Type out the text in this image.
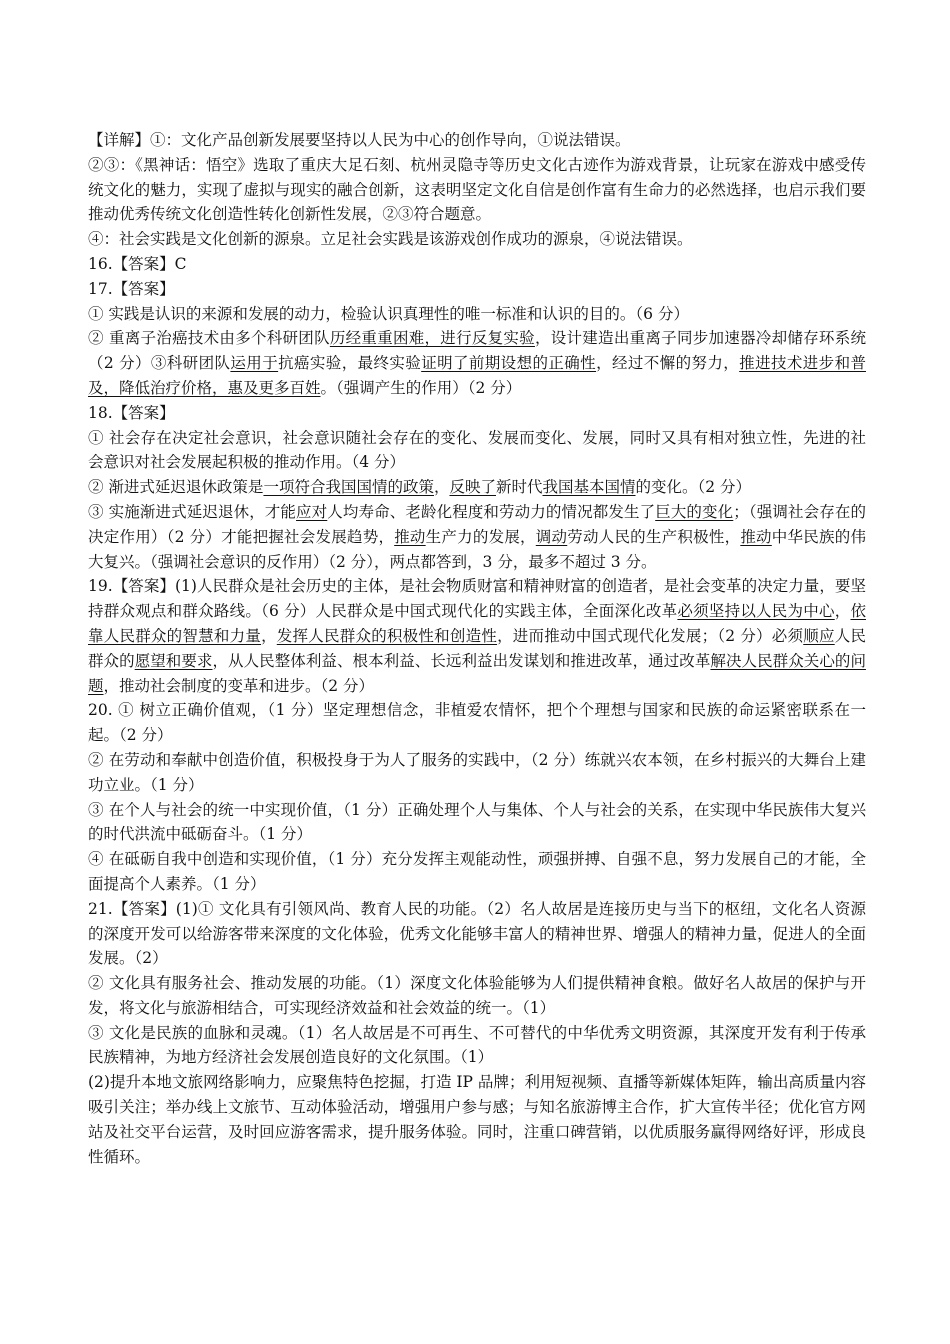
【详解】①：文化产品创新发展要坚持以人民为中心的创作导向，①说法错误。

②③：《黑神话：悟空》选取了重庆大足石刻、杭州灵隐寺等历史文化古迹作为游戏背景，让玩家在游戏中感受传统文化的魅力，实现了虚拟与现实的融合创新，这表明坚定文化自信是创作富有生命力的必然选择，也启示我们要推动优秀传统文化创造性转化创新性发展，②③符合题意。

④：社会实践是文化创新的源泉。立足社会实践是该游戏创作成功的源泉，④说法错误。

16.【答案】C

17.【答案】

① 实践是认识的来源和发展的动力，检验认识真理性的唯一标准和认识的目的。（6 分）

② 重离子治癌技术由多个科研团队历经重重困难，进行反复实验，设计建造出重离子同步加速器冷却储存环系统（2 分）③科研团队运用于抗癌实验，最终实验证明了前期设想的正确性，经过不懈的努力，推进技术进步和普及，降低治疗价格，惠及更多百姓。（强调产生的作用）（2 分）

18.【答案】

① 社会存在决定社会意识，社会意识随社会存在的变化、发展而变化、发展，同时又具有相对独立性，先进的社会意识对社会发展起积极的推动作用。（4 分）

② 渐进式延迟退休政策是一项符合我国国情的政策，反映了新时代我国基本国情的变化。（2 分）

③ 实施渐进式延迟退休，才能应对人均寿命、老龄化程度和劳动力的情况都发生了巨大的变化；（强调社会存在的决定作用）（2 分）才能把握社会发展趋势，推动生产力的发展，调动劳动人民的生产积极性，推动中华民族的伟大复兴。（强调社会意识的反作用）（2 分），两点都答到，3 分，最多不超过 3 分。

19.【答案】(1)人民群众是社会历史的主体，是社会物质财富和精神财富的创造者，是社会变革的决定力量，要坚持群众观点和群众路线。（6 分）人民群众是中国式现代化的实践主体，全面深化改革必须坚持以人民为中心，依靠人民群众的智慧和力量，发挥人民群众的积极性和创造性，进而推动中国式现代化发展；（2 分）必须顺应人民群众的愿望和要求，从人民整体利益、根本利益、长远利益出发谋划和推进改革，通过改革解决人民群众关心的问题，推动社会制度的变革和进步。（2 分）

20. ① 树立正确价值观，（1 分）坚定理想信念，非植爱农情怀，把个个理想与国家和民族的命运紧密联系在一起。（2 分）

② 在劳动和奉献中创造价值，积极投身于为人了服务的实践中，（2 分）练就兴农本领，在乡村振兴的大舞台上建功立业。（1 分）

③ 在个人与社会的统一中实现价值，（1 分）正确处理个人与集体、个人与社会的关系，在实现中华民族伟大复兴的时代洪流中砥砺奋斗。（1 分）

④ 在砥砺自我中创造和实现价值，（1 分）充分发挥主观能动性，顽强拼搏、自强不息，努力发展自己的才能，全面提高个人素养。（1 分）

21.【答案】(1)① 文化具有引领风尚、教育人民的功能。（2）名人故居是连接历史与当下的枢纽，文化名人资源的深度开发可以给游客带来深度的文化体验，优秀文化能够丰富人的精神世界、增强人的精神力量，促进人的全面发展。（2）

② 文化具有服务社会、推动发展的功能。（1）深度文化体验能够为人们提供精神食粮。做好名人故居的保护与开发，将文化与旅游相结合，可实现经济效益和社会效益的统一。（1）

③ 文化是民族的血脉和灵魂。（1）名人故居是不可再生、不可替代的中华优秀文明资源，其深度开发有利于传承民族精神，为地方经济社会发展创造良好的文化氛围。（1）

(2)提升本地文旅网络影响力，应聚焦特色挖掘，打造 IP 品牌；利用短视频、直播等新媒体矩阵，输出高质量内容吸引关注；举办线上文旅节、互动体验活动，增强用户参与感；与知名旅游博主合作，扩大宣传半径；优化官方网站及社交平台运营，及时回应游客需求，提升服务体验。同时，注重口碑营销，以优质服务赢得网络好评，形成良性循环。
